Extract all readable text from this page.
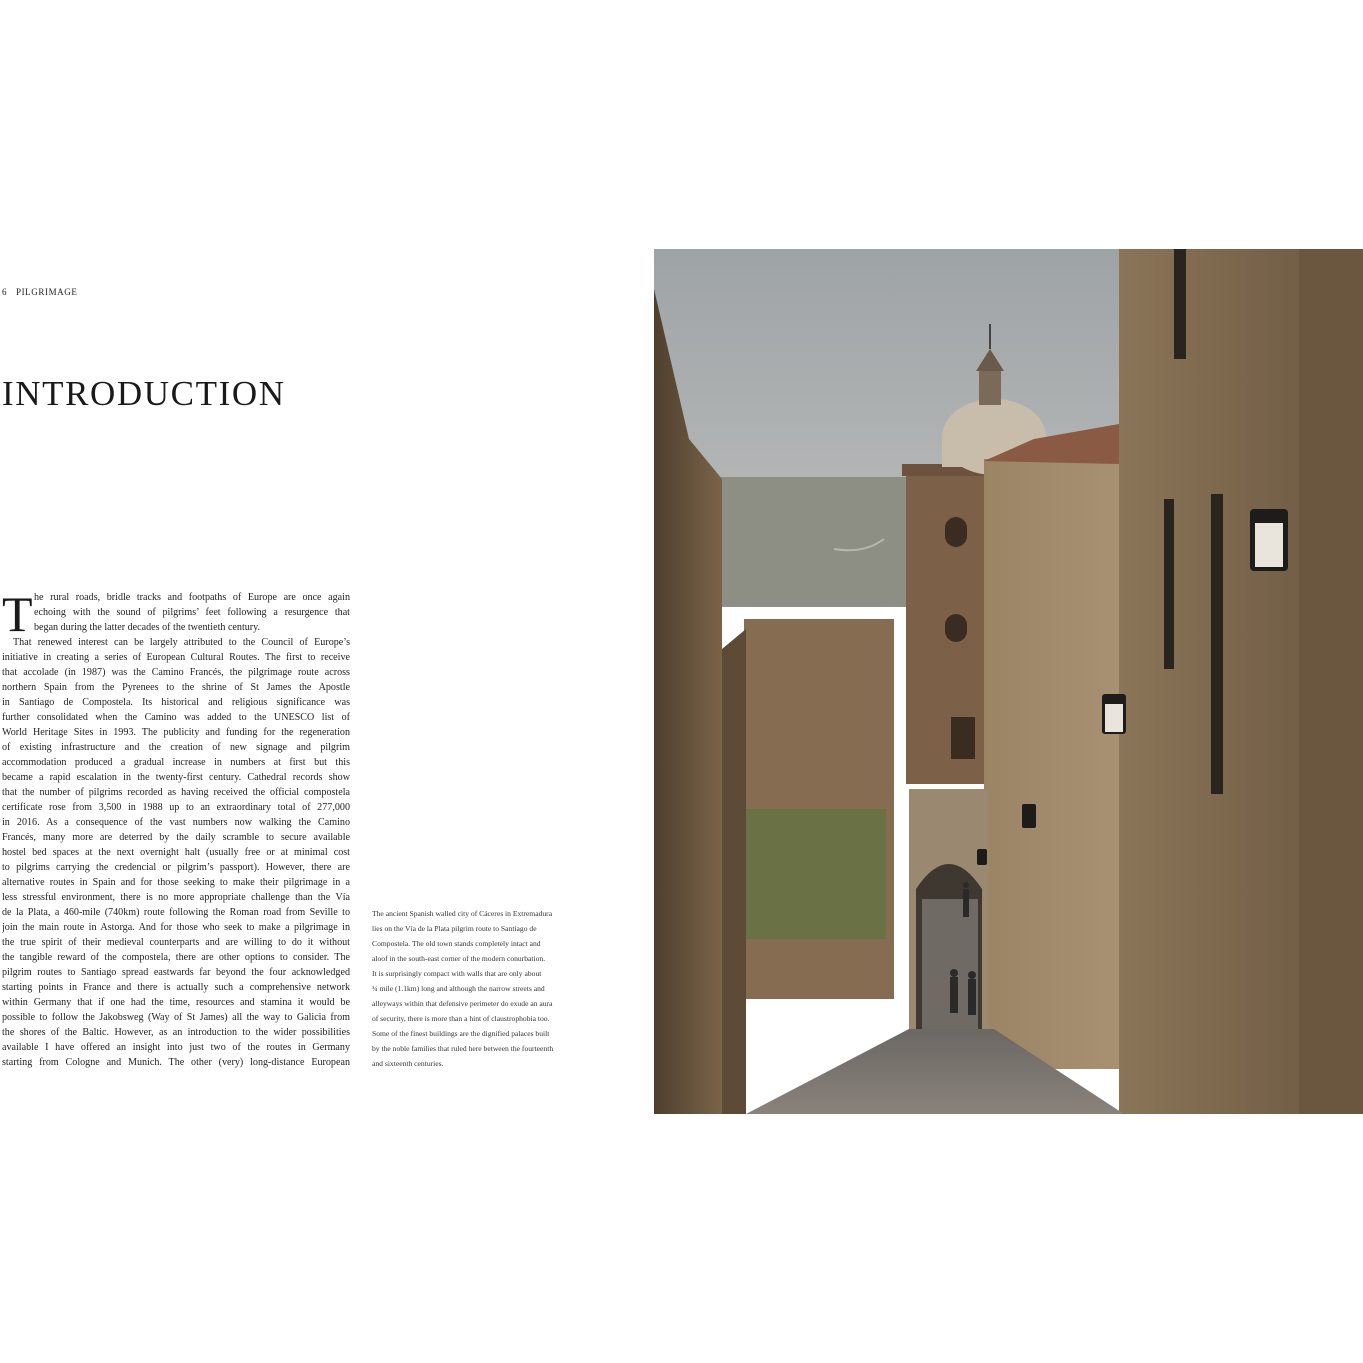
6 PILGRIMAGE
INTRODUCTION
T he rural roads, bridle tracks and footpaths of Europe are once again
echoing with the sound of pilgrims’ feet following a resurgence that
began during the latter decades of the twentieth century.
That renewed interest can be largely attributed to the Council of Europe’s
initiative in creating a series of European Cultural Routes. The first to receive
that accolade (in 1987) was the Camino Francés, the pilgrimage route across
northern Spain from the Pyrenees to the shrine of St James the Apostle
in Santiago de Compostela. Its historical and religious significance was
further consolidated when the Camino was added to the UNESCO list of
World Heritage Sites in 1993. The publicity and funding for the regeneration
of existing infrastructure and the creation of new signage and pilgrim
accommodation produced a gradual increase in numbers at first but this
became a rapid escalation in the twenty-first century. Cathedral records show
that the number of pilgrims recorded as having received the official compostela
certificate rose from 3,500 in 1988 up to an extraordinary total of 277,000
in 2016. As a consequence of the vast numbers now walking the Camino
Francés, many more are deterred by the daily scramble to secure available
hostel bed spaces at the next overnight halt (usually free or at minimal cost
to pilgrims carrying the credencial or pilgrim’s passport). However, there are
alternative routes in Spain and for those seeking to make their pilgrimage in a
less stressful environment, there is no more appropriate challenge than the Vía
de la Plata, a 460-mile (740km) route following the Roman road from Seville to
join the main route in Astorga. And for those who seek to make a pilgrimage in
the true spirit of their medieval counterparts and are willing to do it without
the tangible reward of the compostela, there are other options to consider. The
pilgrim routes to Santiago spread eastwards far beyond the four acknowledged
starting points in France and there is actually such a comprehensive network
within Germany that if one had the time, resources and stamina it would be
possible to follow the Jakobsweg (Way of St James) all the way to Galicia from
the shores of the Baltic. However, as an introduction to the wider possibilities
available I have offered an insight into just two of the routes in Germany
starting from Cologne and Munich. The other (very) long-distance European
The ancient Spanish walled city of Cáceres in Extremadura
lies on the Vía de la Plata pilgrim route to Santiago de
Compostela. The old town stands completely intact and
aloof in the south-east corner of the modern conurbation.
It is surprisingly compact with walls that are only about
¾ mile (1.1km) long and although the narrow streets and
alleyways within that defensive perimeter do exude an aura
of security, there is more than a hint of claustrophobia too.
Some of the finest buildings are the dignified palaces built
by the noble families that ruled here between the fourteenth
and sixteenth centuries.
